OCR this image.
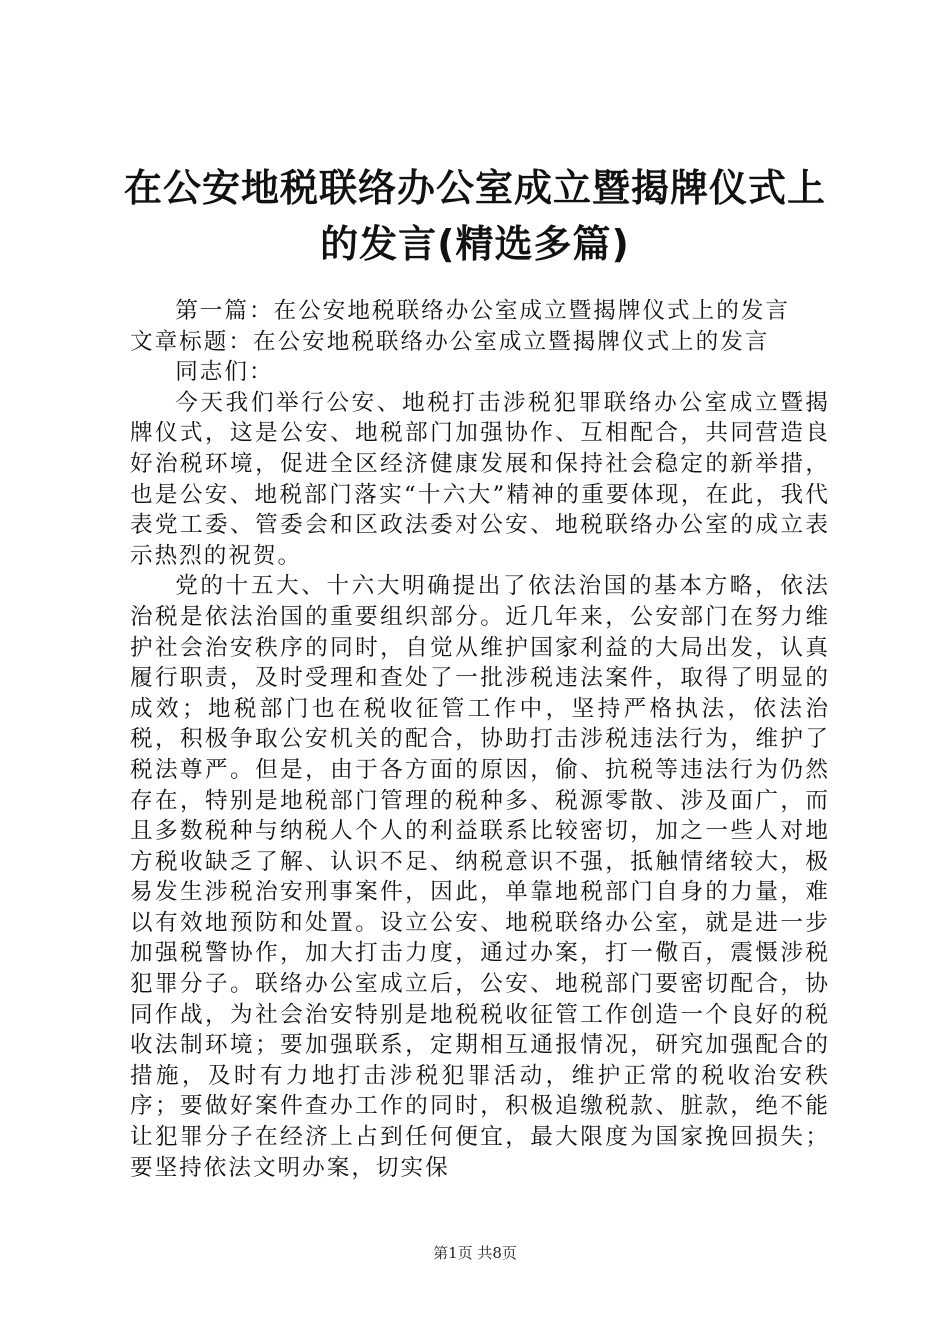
在公安地税联络办公室成立暨揭牌仪式上的发言(精选多篇)

第一篇：在公安地税联络办公室成立暨揭牌仪式上的发言

文章标题：在公安地税联络办公室成立暨揭牌仪式上的发言

同志们：

今天我们举行公安、地税打击涉税犯罪联络办公室成立暨揭牌仪式，这是公安、地税部门加强协作、互相配合，共同营造良好治税环境，促进全区经济健康发展和保持社会稳定的新举措，也是公安、地税部门落实“十六大”精神的重要体现，在此，我代表党工委、管委会和区政法委对公安、地税联络办公室的成立表示热烈的祝贺。

党的十五大、十六大明确提出了依法治国的基本方略，依法治税是依法治国的重要组织部分。近几年来，公安部门在努力维护社会治安秩序的同时，自觉从维护国家利益的大局出发，认真履行职责，及时受理和查处了一批涉税违法案件，取得了明显的成效；地税部门也在税收征管工作中，坚持严格执法，依法治税，积极争取公安机关的配合，协助打击涉税违法行为，维护了税法尊严。但是，由于各方面的原因，偷、抗税等违法行为仍然存在，特别是地税部门管理的税种多、税源零散、涉及面广，而且多数税种与纳税人个人的利益联系比较密切，加之一些人对地方税收缺乏了解、认识不足、纳税意识不强，抵触情绪较大，极易发生涉税治安刑事案件，因此，单靠地税部门自身的力量，难以有效地预防和处置。设立公安、地税联络办公室，就是进一步加强税警协作，加大打击力度，通过办案，打一儆百，震慑涉税犯罪分子。联络办公室成立后，公安、地税部门要密切配合，协同作战，为社会治安特别是地税税收征管工作创造一个良好的税收法制环境；要加强联系，定期相互通报情况，研究加强配合的措施，及时有力地打击涉税犯罪活动，维护正常的税收治安秩序；要做好案件查办工作的同时，积极追缴税款、脏款，绝不能让犯罪分子在经济上占到任何便宜，最大限度为国家挽回损失；要坚持依法文明办案，切实保

第1页 共8页
